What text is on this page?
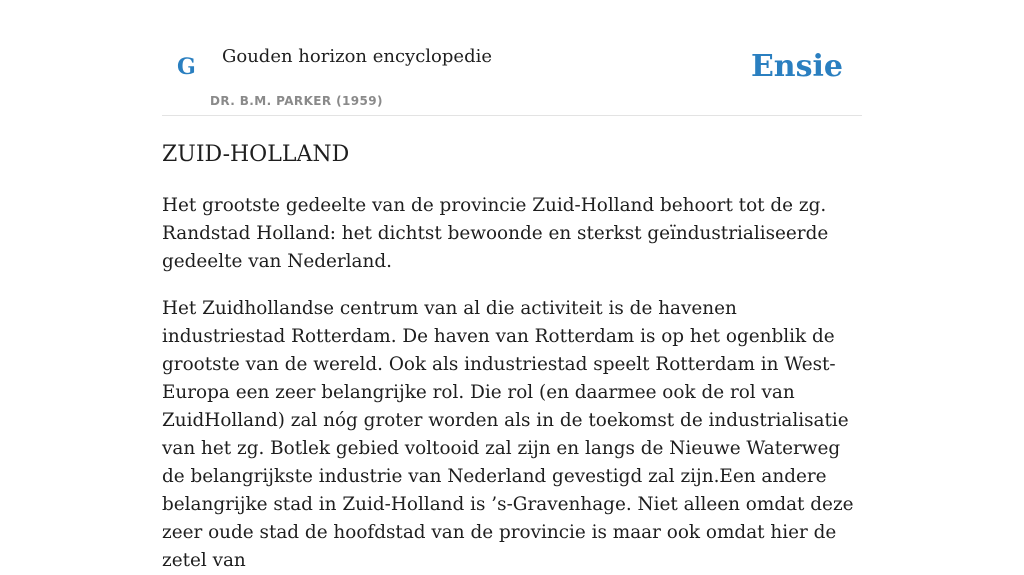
G Gouden horizon encyclopedie
DR. B.M. PARKER (1959)
Ensie
ZUID-HOLLAND

Het grootste gedeelte van de provincie Zuid-Holland behoort tot de zg. Randstad Holland: het dichtst bewoonde en sterkst geïndustrialiseerde gedeelte van Nederland.

Het Zuidhollandse centrum van al die activiteit is de havenen industriestad Rotterdam. De haven van Rotterdam is op het ogenblik de grootste van de wereld. Ook als industriestad speelt Rotterdam in West-Europa een zeer belangrijke rol. Die rol (en daarmee ook de rol van ZuidHolland) zal nóg groter worden als in de toekomst de industrialisatie van het zg. Botlek gebied voltooid zal zijn en langs de Nieuwe Waterweg de belangrijkste industrie van Nederland gevestigd zal zijn.Een andere belangrijke stad in Zuid-Holland is ’s-Gravenhage. Niet alleen omdat deze zeer oude stad de hoofdstad van de provincie is maar ook omdat hier de zetel van
